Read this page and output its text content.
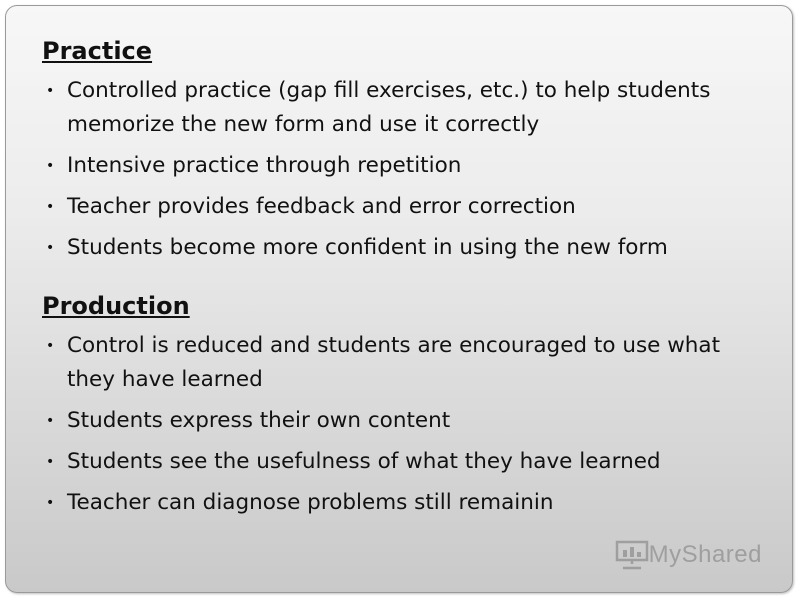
Practice
• Controlled practice (gap fill exercises, etc.) to help students memorize the new form and use it correctly
• Intensive practice through repetition
• Teacher provides feedback and error correction
• Students become more confident in using the new form
Production
• Control is reduced and students are encouraged to use what they have learned
• Students express their own content
• Students see the usefulness of what they have learned
• Teacher can diagnose problems still remainin
MyShared
